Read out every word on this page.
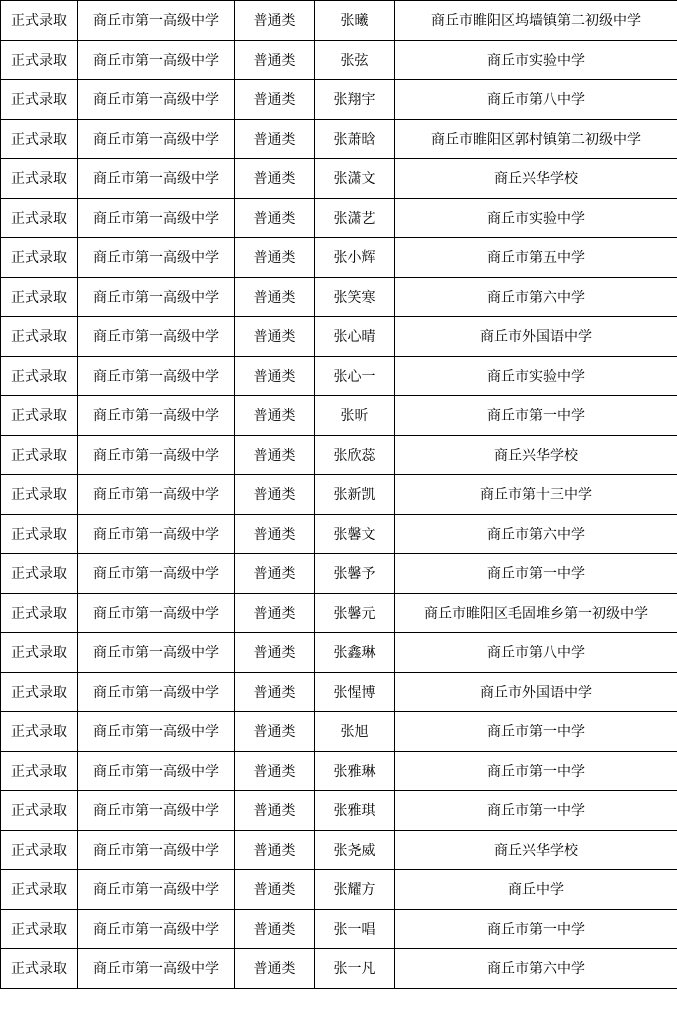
正式录取	商丘市第一高级中学	普通类	张曦	商丘市睢阳区坞墙镇第二初级中学
正式录取	商丘市第一高级中学	普通类	张弦	商丘市实验中学
正式录取	商丘市第一高级中学	普通类	张翔宇	商丘市第八中学
正式录取	商丘市第一高级中学	普通类	张萧晗	商丘市睢阳区郭村镇第二初级中学
正式录取	商丘市第一高级中学	普通类	张潇文	商丘兴华学校
正式录取	商丘市第一高级中学	普通类	张潇艺	商丘市实验中学
正式录取	商丘市第一高级中学	普通类	张小辉	商丘市第五中学
正式录取	商丘市第一高级中学	普通类	张笑寒	商丘市第六中学
正式录取	商丘市第一高级中学	普通类	张心晴	商丘市外国语中学
正式录取	商丘市第一高级中学	普通类	张心一	商丘市实验中学
正式录取	商丘市第一高级中学	普通类	张昕	商丘市第一中学
正式录取	商丘市第一高级中学	普通类	张欣蕊	商丘兴华学校
正式录取	商丘市第一高级中学	普通类	张新凯	商丘市第十三中学
正式录取	商丘市第一高级中学	普通类	张馨文	商丘市第六中学
正式录取	商丘市第一高级中学	普通类	张馨予	商丘市第一中学
正式录取	商丘市第一高级中学	普通类	张馨元	商丘市睢阳区毛固堆乡第一初级中学
正式录取	商丘市第一高级中学	普通类	张鑫琳	商丘市第八中学
正式录取	商丘市第一高级中学	普通类	张惺博	商丘市外国语中学
正式录取	商丘市第一高级中学	普通类	张旭	商丘市第一中学
正式录取	商丘市第一高级中学	普通类	张雅琳	商丘市第一中学
正式录取	商丘市第一高级中学	普通类	张雅琪	商丘市第一中学
正式录取	商丘市第一高级中学	普通类	张尧威	商丘兴华学校
正式录取	商丘市第一高级中学	普通类	张耀方	商丘中学
正式录取	商丘市第一高级中学	普通类	张一唱	商丘市第一中学
正式录取	商丘市第一高级中学	普通类	张一凡	商丘市第六中学
